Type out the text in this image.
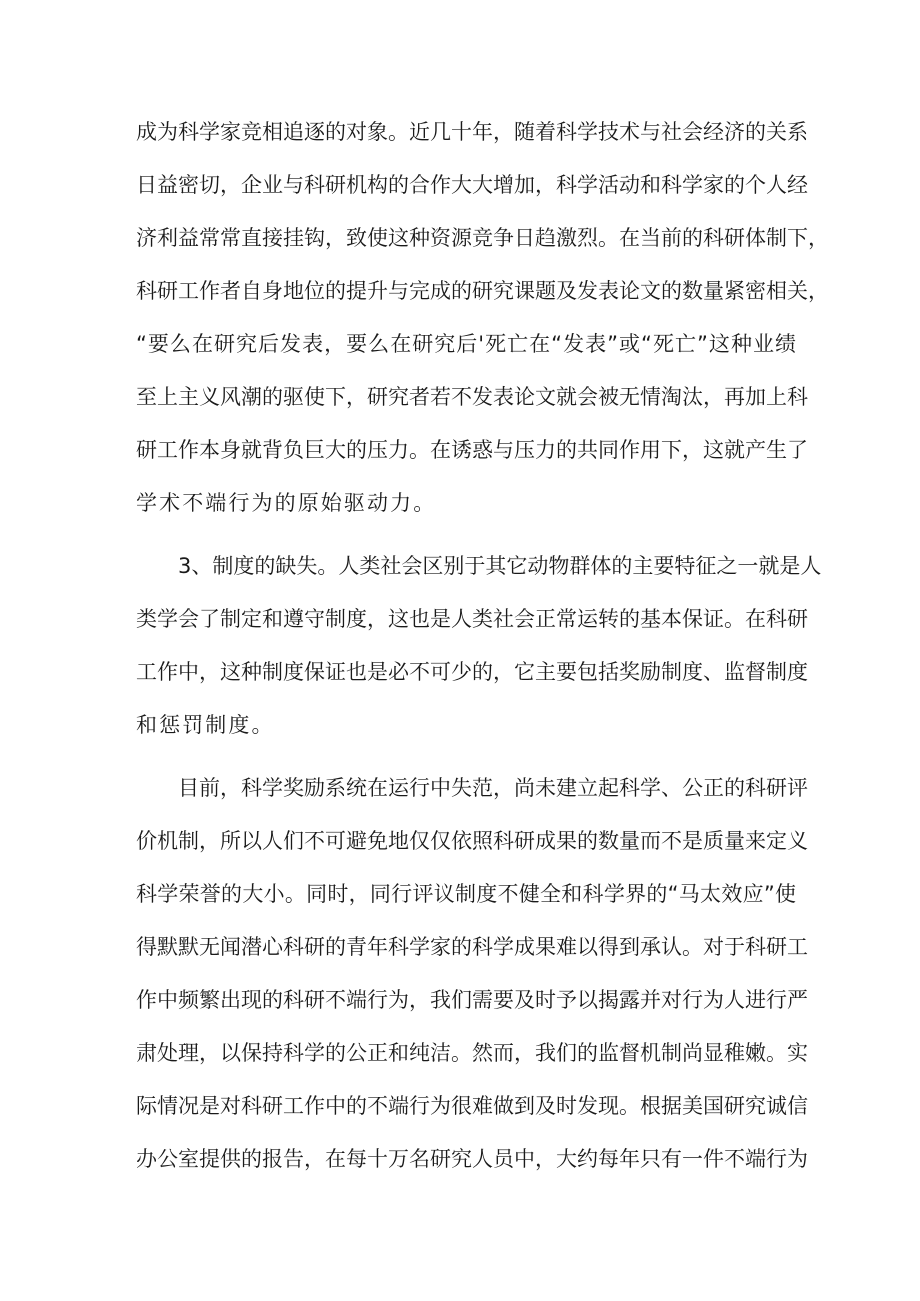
成为科学家竞相追逐的对象。近几十年，随着科学技术与社会经济的关系
日益密切，企业与科研机构的合作大大增加，科学活动和科学家的个人经
济利益常常直接挂钩，致使这种资源竞争日趋激烈。在当前的科研体制下，
科研工作者自身地位的提升与完成的研究课题及发表论文的数量紧密相关，
“要么在研究后发表，要么在研究后'死亡在“发表”或“死亡”这种业绩
至上主义风潮的驱使下，研究者若不发表论文就会被无情淘汰，再加上科
研工作本身就背负巨大的压力。在诱惑与压力的共同作用下，这就产生了
学术不端行为的原始驱动力。
3、制度的缺失。人类社会区别于其它动物群体的主要特征之一就是人
类学会了制定和遵守制度，这也是人类社会正常运转的基本保证。在科研
工作中，这种制度保证也是必不可少的，它主要包括奖励制度、监督制度
和惩罚制度。
目前，科学奖励系统在运行中失范，尚未建立起科学、公正的科研评
价机制，所以人们不可避免地仅仅依照科研成果的数量而不是质量来定义
科学荣誉的大小。同时，同行评议制度不健全和科学界的“马太效应”使
得默默无闻潜心科研的青年科学家的科学成果难以得到承认。对于科研工
作中频繁出现的科研不端行为，我们需要及时予以揭露并对行为人进行严
肃处理，以保持科学的公正和纯洁。然而，我们的监督机制尚显稚嫩。实
际情况是对科研工作中的不端行为很难做到及时发现。根据美国研究诚信
办公室提供的报告，在每十万名研究人员中，大约每年只有一件不端行为
